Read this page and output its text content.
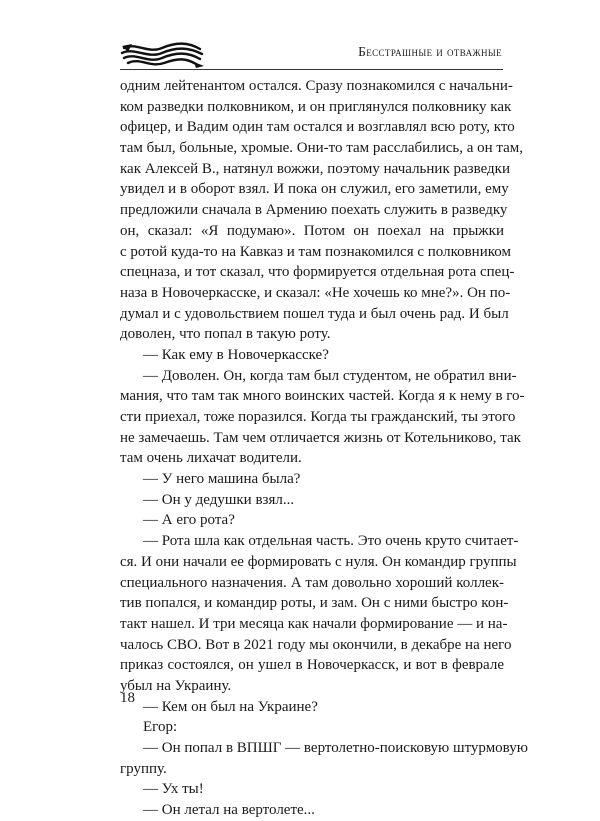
Бесстрашные и отважные
одним лейтенантом остался. Сразу познакомился с начальни-
ком разведки полковником, и он приглянулся полковнику как
офицер, и Вадим один там остался и возглавлял всю роту, кто
там был, больные, хромые. Они-то там расслабились, а он там,
как Алексей В., натянул вожжи, поэтому начальник разведки
увидел и в оборот взял. И пока он служил, его заметили, ему
предложили сначала в Армению поехать служить в разведку
он, сказал: «Я подумаю». Потом он поехал на прыжки
с ротой куда-то на Кавказ и там познакомился с полковником
спецназа, и тот сказал, что формируется отдельная рота спец-
наза в Новочеркасске, и сказал: «Не хочешь ко мне?». Он по-
думал и с удовольствием пошел туда и был очень рад. И был
доволен, что попал в такую роту.
— Как ему в Новочеркасске?
— Доволен. Он, когда там был студентом, не обратил вни-
мания, что там так много воинских частей. Когда я к нему в го-
сти приехал, тоже поразился. Когда ты гражданский, ты этого
не замечаешь. Там чем отличается жизнь от Котельниково, так
там очень лихачат водители.
— У него машина была?
— Он у дедушки взял...
— А его рота?
— Рота шла как отдельная часть. Это очень круто считает-
ся. И они начали ее формировать с нуля. Он командир группы
специального назначения. А там довольно хороший коллек-
тив попался, и командир роты, и зам. Он с ними быстро кон-
такт нашел. И три месяца как начали формирование — и на-
чалось СВО. Вот в 2021 году мы окончили, в декабре на него
приказ состоялся, он ушел в Новочеркасск, и вот в феврале
убыл на Украину.
— Кем он был на Украине?
Егор:
— Он попал в ВПШГ — вертолетно-поисковую штурмовую
группу.
— Ух ты!
— Он летал на вертолете...
18
